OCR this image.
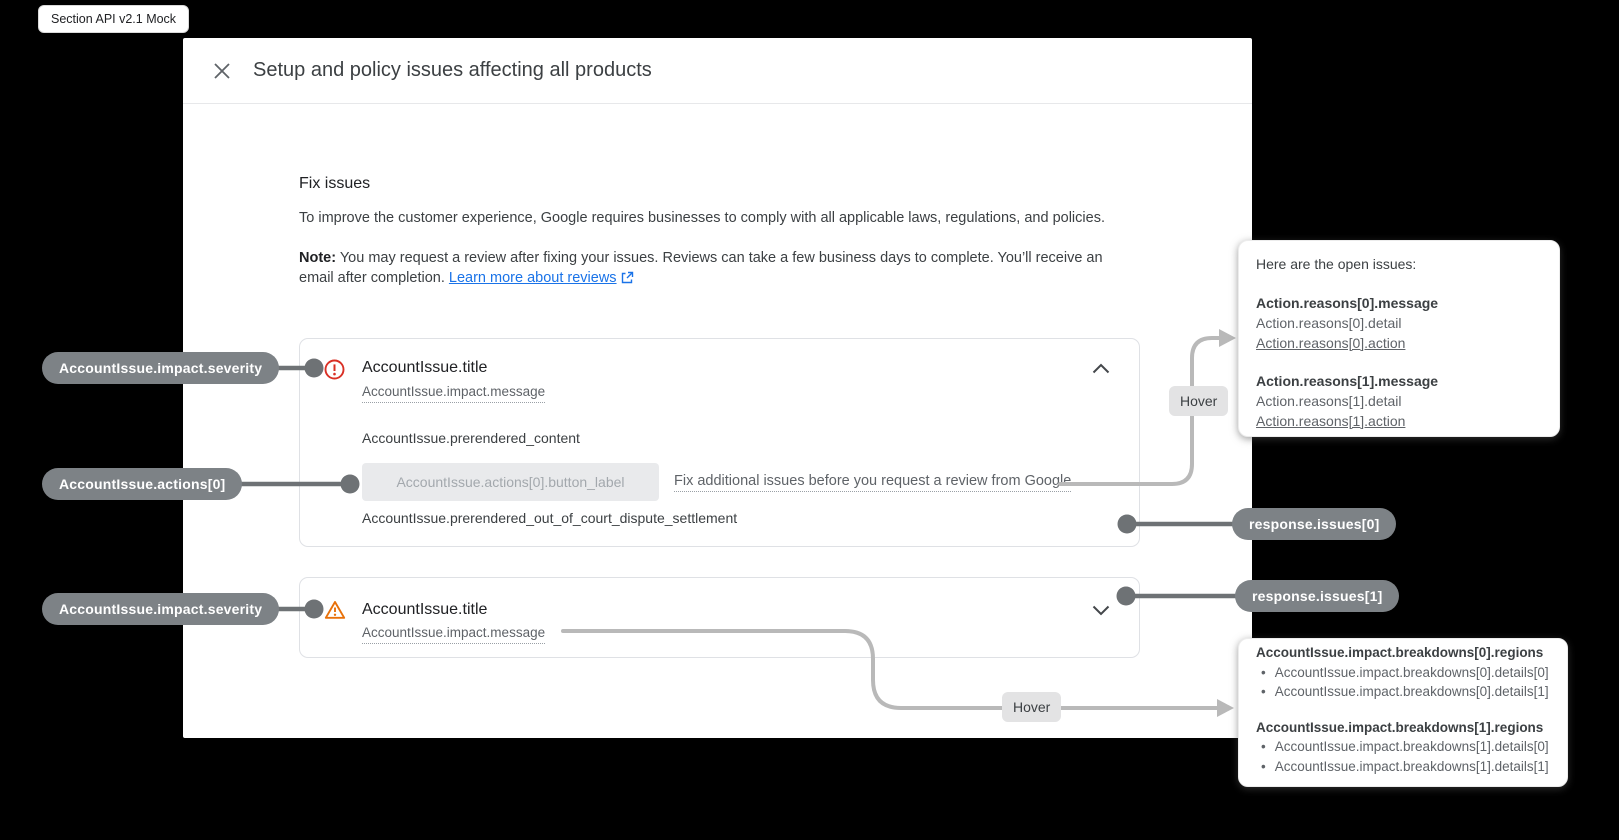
Section API v2.1 Mock
Setup and policy issues affecting all products
Fix issues
To improve the customer experience, Google requires businesses to comply with all applicable laws, regulations, and policies.
Note: You may request a review after fixing your issues. Reviews can take a few business days to complete. You’ll receive an email after completion. Learn more about reviews
AccountIssue.title
AccountIssue.impact.message
AccountIssue.prerendered_content
AccountIssue.actions[0].button_label	Fix additional issues before you request a review from Google
AccountIssue.prerendered_out_of_court_dispute_settlement
AccountIssue.title
AccountIssue.impact.message
AccountIssue.impact.severity
AccountIssue.actions[0]
AccountIssue.impact.severity
response.issues[0]
response.issues[1]
Hover
Hover
Here are the open issues:
Action.reasons[0].message
Action.reasons[0].detail
Action.reasons[0].action
Action.reasons[1].message
Action.reasons[1].detail
Action.reasons[1].action
AccountIssue.impact.breakdowns[0].regions
• AccountIssue.impact.breakdowns[0].details[0]
• AccountIssue.impact.breakdowns[0].details[1]
AccountIssue.impact.breakdowns[1].regions
• AccountIssue.impact.breakdowns[1].details[0]
• AccountIssue.impact.breakdowns[1].details[1]
